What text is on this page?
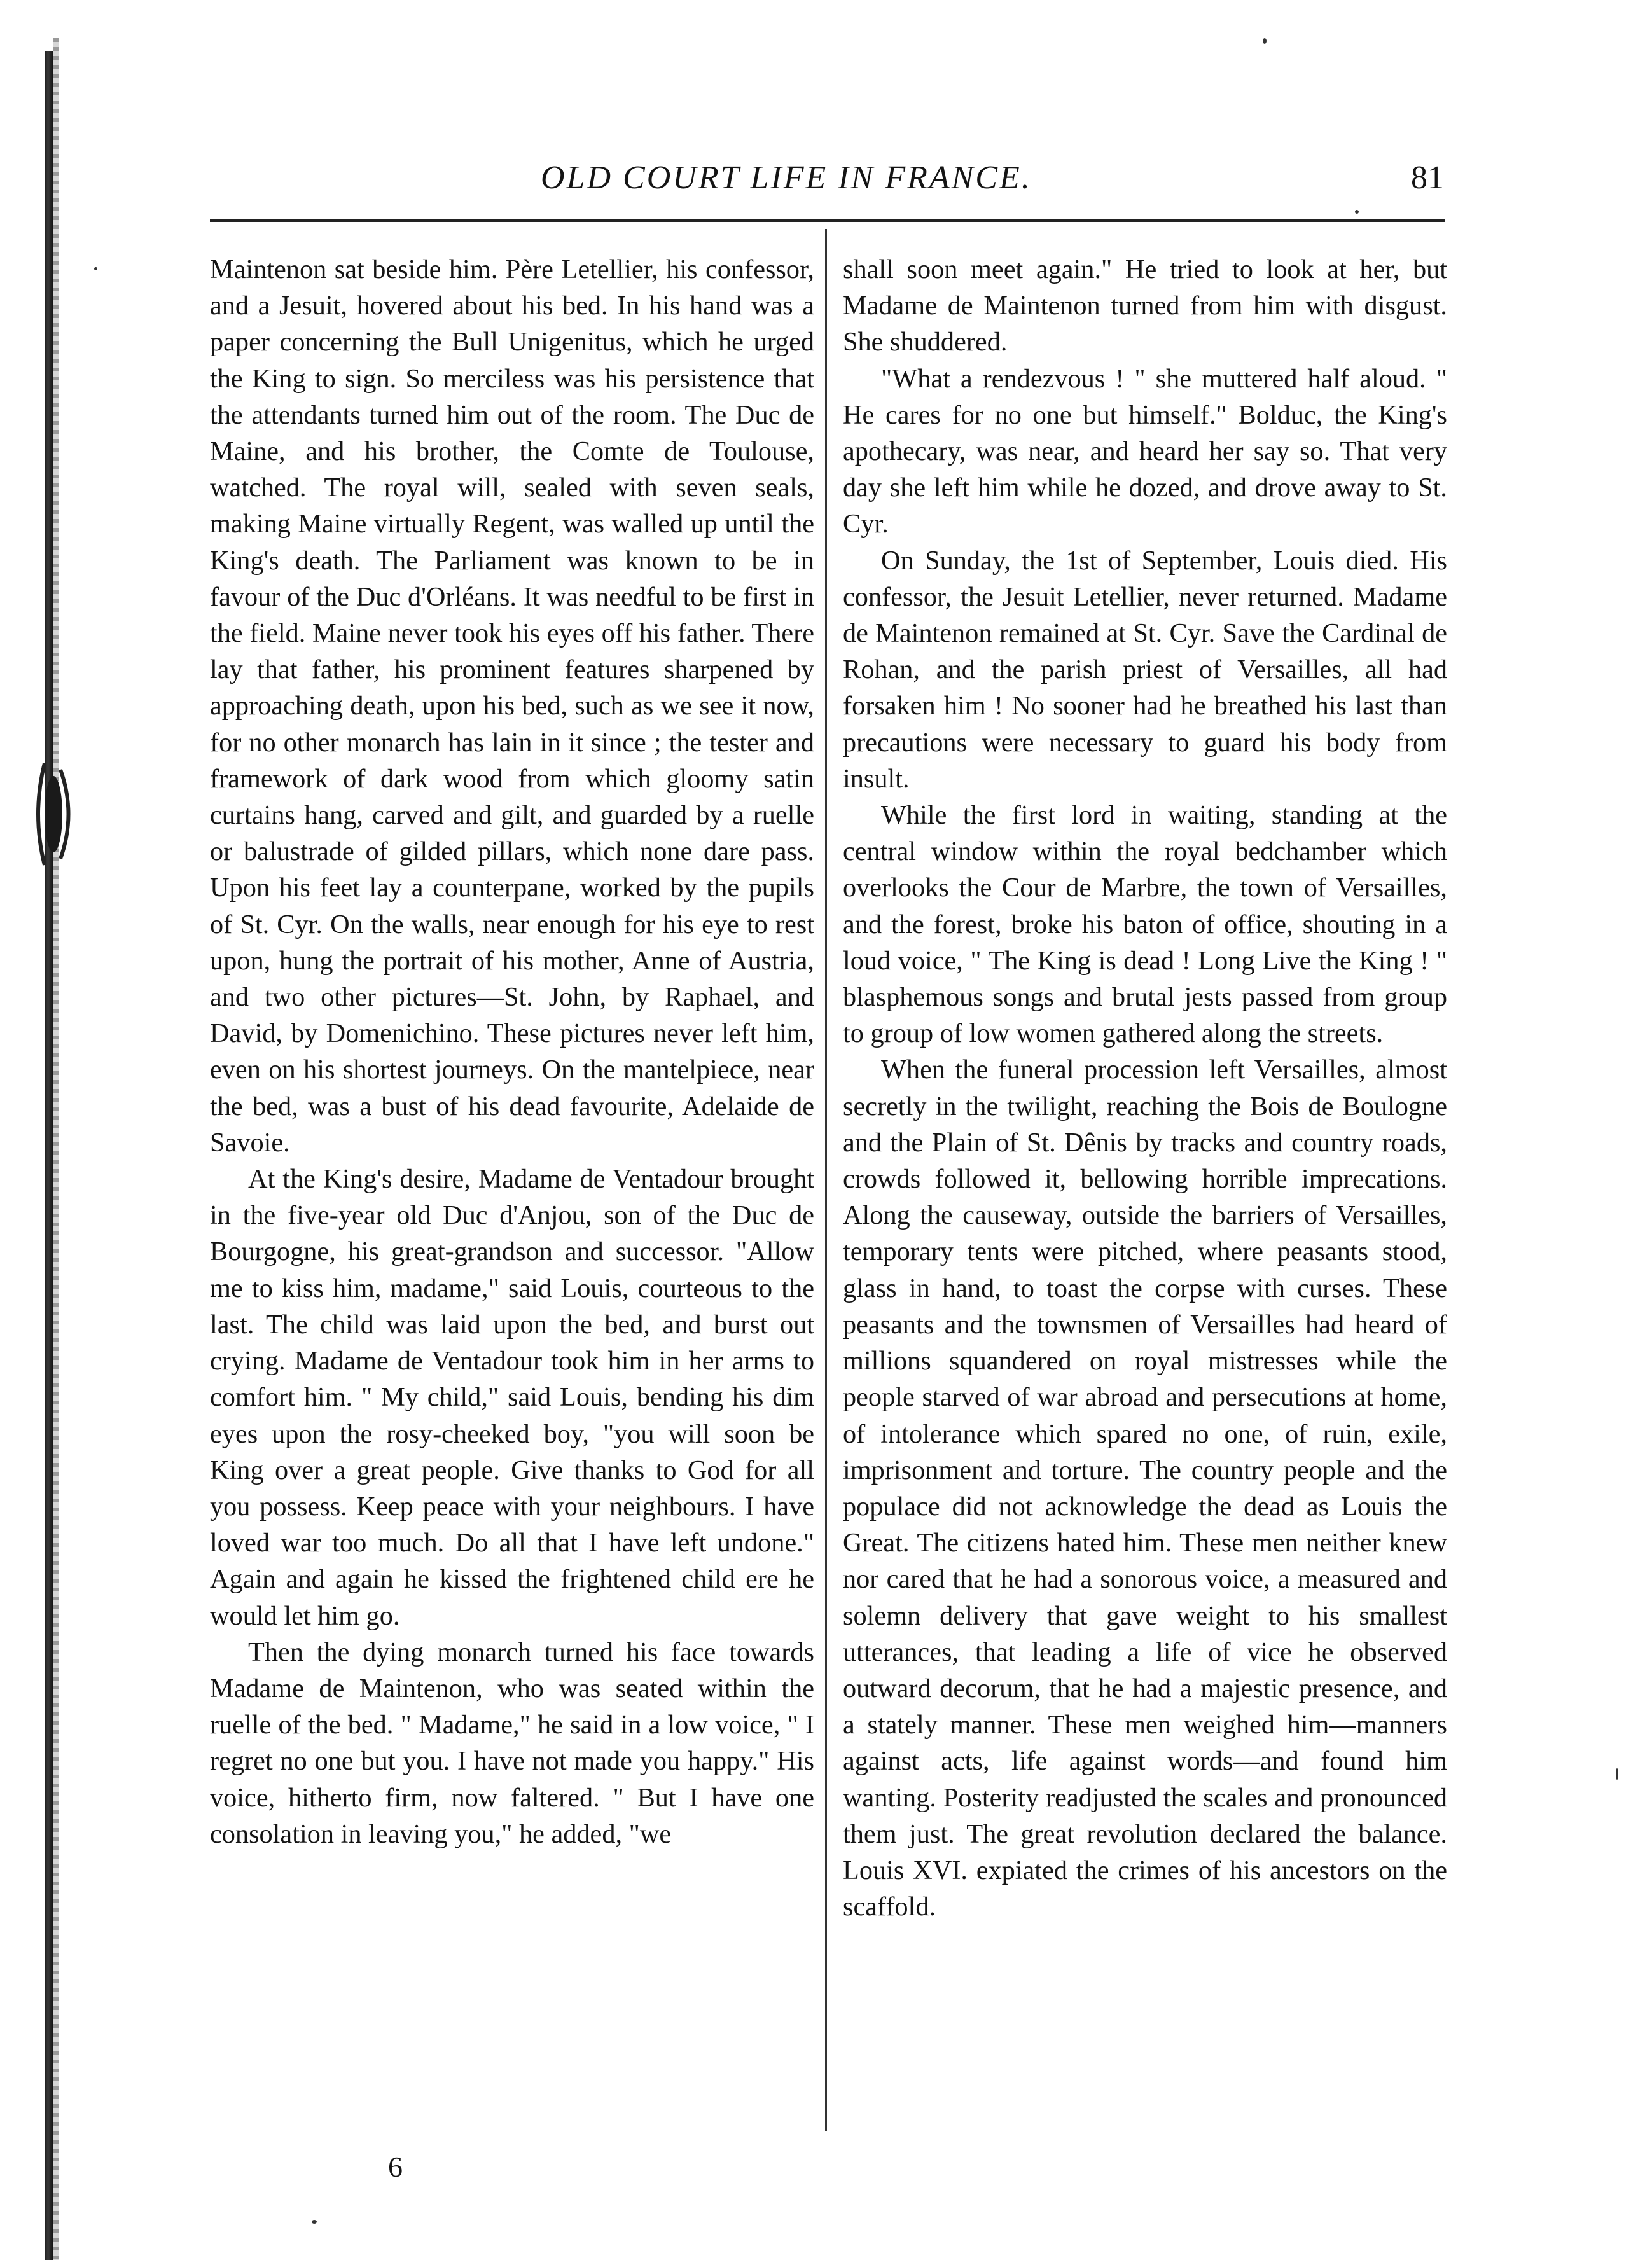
OLD COURT LIFE IN FRANCE.	81

Maintenon sat beside him. Père Letellier, his confessor, and a Jesuit, hovered about his bed. In his hand was a paper concerning the Bull Unigenitus, which he urged the King to sign. So merciless was his persistence that the attendants turned him out of the room. The Duc de Maine, and his brother, the Comte de Toulouse, watched. The royal will, sealed with seven seals, making Maine virtually Regent, was walled up until the King's death. The Parliament was known to be in favour of the Duc d'Orléans. It was needful to be first in the field. Maine never took his eyes off his father. There lay that father, his prominent features sharpened by approaching death, upon his bed, such as we see it now, for no other monarch has lain in it since ; the tester and framework of dark wood from which gloomy satin curtains hang, carved and gilt, and guarded by a ruelle or balustrade of gilded pillars, which none dare pass. Upon his feet lay a counterpane, worked by the pupils of St. Cyr. On the walls, near enough for his eye to rest upon, hung the portrait of his mother, Anne of Austria, and two other pictures—St. John, by Raphael, and David, by Domenichino. These pictures never left him, even on his shortest journeys. On the mantelpiece, near the bed, was a bust of his dead favourite, Adelaide de Savoie.

At the King's desire, Madame de Ventadour brought in the five-year old Duc d'Anjou, son of the Duc de Bourgogne, his great-grandson and successor. "Allow me to kiss him, madame," said Louis, courteous to the last. The child was laid upon the bed, and burst out crying. Madame de Ventadour took him in her arms to comfort him. " My child," said Louis, bending his dim eyes upon the rosy-cheeked boy, "you will soon be King over a great people. Give thanks to God for all you possess. Keep peace with your neighbours. I have loved war too much. Do all that I have left undone." Again and again he kissed the frightened child ere he would let him go.

Then the dying monarch turned his face towards Madame de Maintenon, who was seated within the ruelle of the bed. " Madame," he said in a low voice, " I regret no one but you. I have not made you happy." His voice, hitherto firm, now faltered. " But I have one consolation in leaving you," he added, "we

shall soon meet again." He tried to look at her, but Madame de Maintenon turned from him with disgust. She shuddered.

"What a rendezvous ! " she muttered half aloud. " He cares for no one but himself." Bolduc, the King's apothecary, was near, and heard her say so. That very day she left him while he dozed, and drove away to St. Cyr.

On Sunday, the 1st of September, Louis died. His confessor, the Jesuit Letellier, never returned. Madame de Maintenon remained at St. Cyr. Save the Cardinal de Rohan, and the parish priest of Versailles, all had forsaken him ! No sooner had he breathed his last than precautions were necessary to guard his body from insult.

While the first lord in waiting, standing at the central window within the royal bedchamber which overlooks the Cour de Marbre, the town of Versailles, and the forest, broke his baton of office, shouting in a loud voice, " The King is dead ! Long Live the King ! " blasphemous songs and brutal jests passed from group to group of low women gathered along the streets.

When the funeral procession left Versailles, almost secretly in the twilight, reaching the Bois de Boulogne and the Plain of St. Dênis by tracks and country roads, crowds followed it, bellowing horrible imprecations. Along the causeway, outside the barriers of Versailles, temporary tents were pitched, where peasants stood, glass in hand, to toast the corpse with curses. These peasants and the townsmen of Versailles had heard of millions squandered on royal mistresses while the people starved of war abroad and persecutions at home, of intolerance which spared no one, of ruin, exile, imprisonment and torture. The country people and the populace did not acknowledge the dead as Louis the Great. The citizens hated him. These men neither knew nor cared that he had a sonorous voice, a measured and solemn delivery that gave weight to his smallest utterances, that leading a life of vice he observed outward decorum, that he had a majestic presence, and a stately manner. These men weighed him—manners against acts, life against words—and found him wanting. Posterity readjusted the scales and pronounced them just. The great revolution declared the balance. Louis XVI. expiated the crimes of his ancestors on the scaffold.

6
